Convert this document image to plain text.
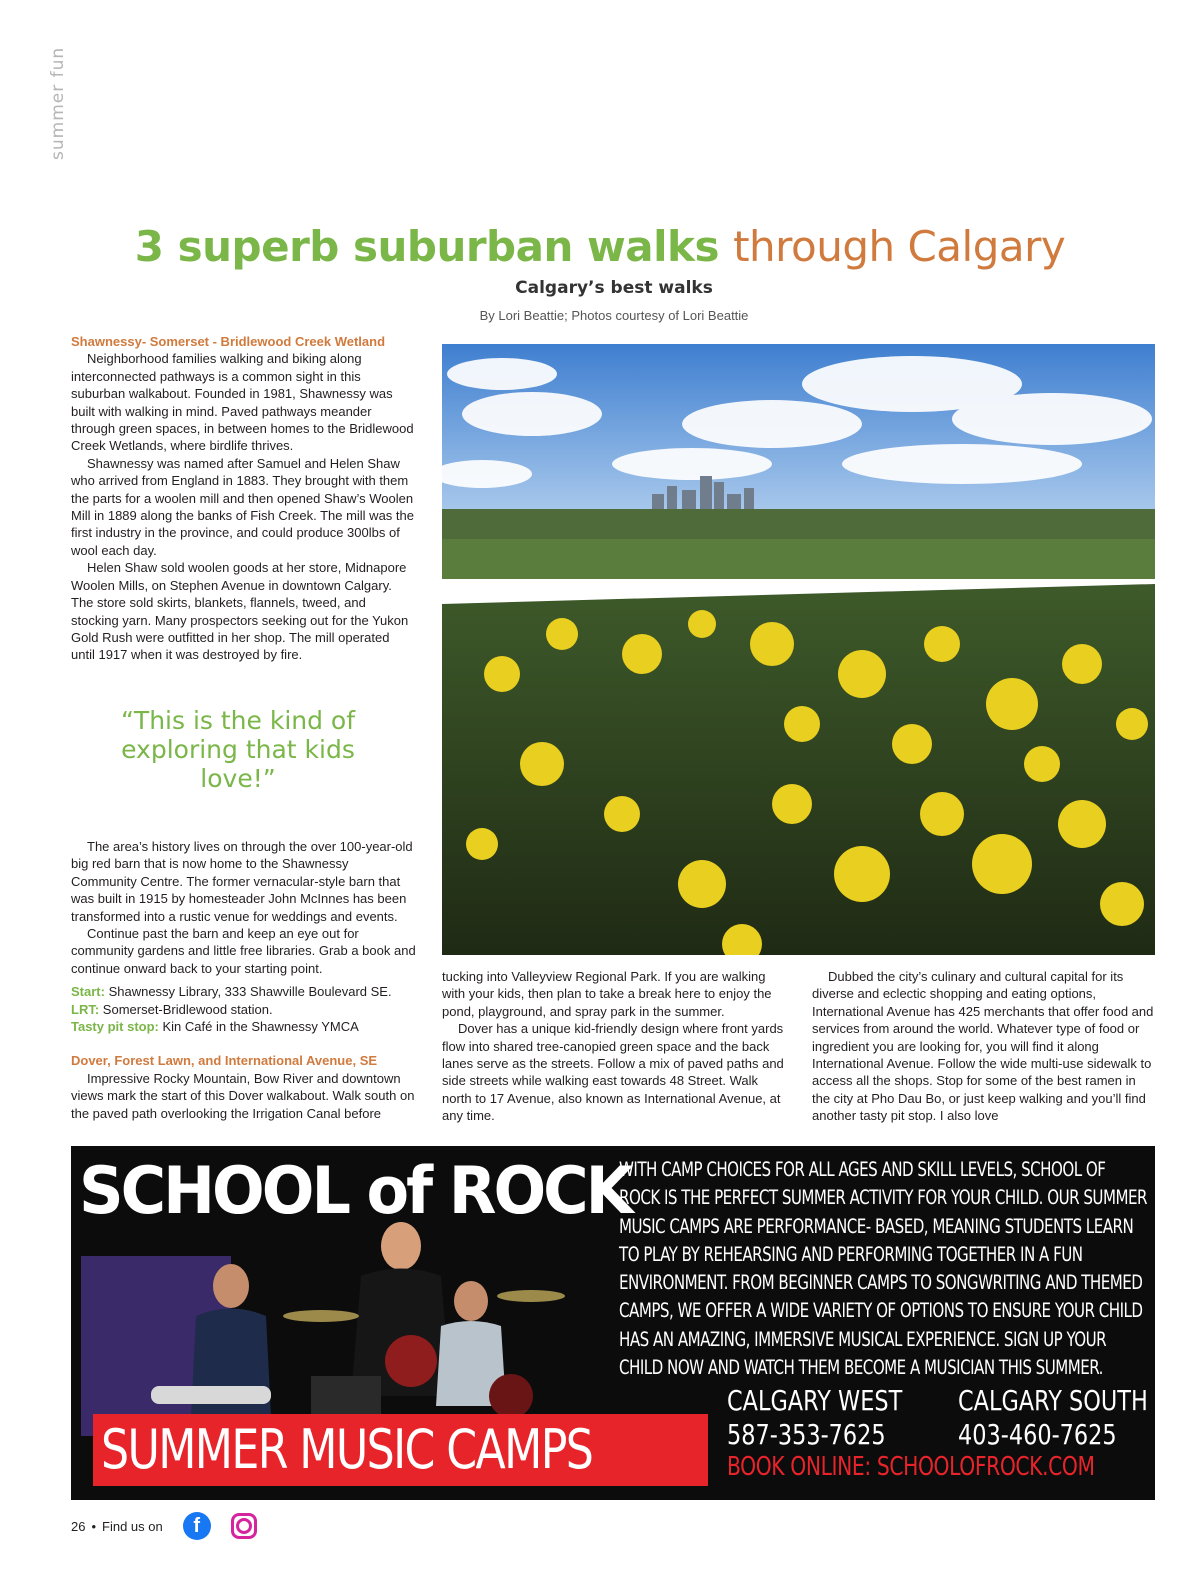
summer fun
3 superb suburban walks through Calgary
Calgary’s best walks
By Lori Beattie; Photos courtesy of Lori Beattie
Shawnessy- Somerset - Bridlewood Creek Wetland

Neighborhood families walking and biking along interconnected pathways is a common sight in this suburban walkabout. Founded in 1981, Shawnessy was built with walking in mind. Paved pathways meander through green spaces, in between homes to the Bridlewood Creek Wetlands, where birdlife thrives.

Shawnessy was named after Samuel and Helen Shaw who arrived from England in 1883. They brought with them the parts for a woolen mill and then opened Shaw’s Woolen Mill in 1889 along the banks of Fish Creek. The mill was the first industry in the province, and could produce 300lbs of wool each day.

Helen Shaw sold woolen goods at her store, Midnapore Woolen Mills, on Stephen Avenue in downtown Calgary. The store sold skirts, blankets, flannels, tweed, and stocking yarn. Many prospectors seeking out for the Yukon Gold Rush were outfitted in her shop. The mill operated until 1917 when it was destroyed by fire.

“This is the kind of exploring that kids love!”

The area’s history lives on through the over 100-year-old big red barn that is now home to the Shawnessy Community Centre. The former vernacular-style barn that was built in 1915 by homesteader John McInnes has been transformed into a rustic venue for weddings and events.

Continue past the barn and keep an eye out for community gardens and little free libraries. Grab a book and continue onward back to your starting point.

Start: Shawnessy Library, 333 Shawville Boulevard SE.

LRT: Somerset-Bridlewood station.

Tasty pit stop: Kin Café in the Shawnessy YMCA

Dover, Forest Lawn, and International Avenue, SE

Impressive Rocky Mountain, Bow River and downtown views mark the start of this Dover walkabout. Walk south on the paved path overlooking the Irrigation Canal before

tucking into Valleyview Regional Park. If you are walking with your kids, then plan to take a break here to enjoy the pond, playground, and spray park in the summer.

Dover has a unique kid-friendly design where front yards flow into shared tree-canopied green space and the back lanes serve as the streets. Follow a mix of paved paths and side streets while walking east towards 48 Street. Walk north to 17 Avenue, also known as International Avenue, at any time.

Dubbed the city’s culinary and cultural capital for its diverse and eclectic shopping and eating options, International Avenue has 425 merchants that offer food and services from around the world. Whatever type of food or ingredient you are looking for, you will find it along International Avenue. Follow the wide multi-use sidewalk to access all the shops. Stop for some of the best ramen in the city at Pho Dau Bo, or just keep walking and you’ll find another tasty pit stop. I also love

SCHOOL of ROCK
WITH CAMP CHOICES FOR ALL AGES AND SKILL LEVELS, SCHOOL OF ROCK IS THE PERFECT SUMMER ACTIVITY FOR YOUR CHILD. OUR SUMMER MUSIC CAMPS ARE PERFORMANCE- BASED, MEANING STUDENTS LEARN TO PLAY BY REHEARSING AND PERFORMING TOGETHER IN A FUN ENVIRONMENT. FROM BEGINNER CAMPS TO SONGWRITING AND THEMED CAMPS, WE OFFER A WIDE VARIETY OF OPTIONS TO ENSURE YOUR CHILD HAS AN AMAZING, IMMERSIVE MUSICAL EXPERIENCE. SIGN UP YOUR CHILD NOW AND WATCH THEM BECOME A MUSICIAN THIS SUMMER.
SUMMER MUSIC CAMPS
CALGARY WEST
587-353-7625
CALGARY SOUTH
403-460-7625
BOOK ONLINE: SCHOOLOFROCK.COM
26 • Find us on	f
